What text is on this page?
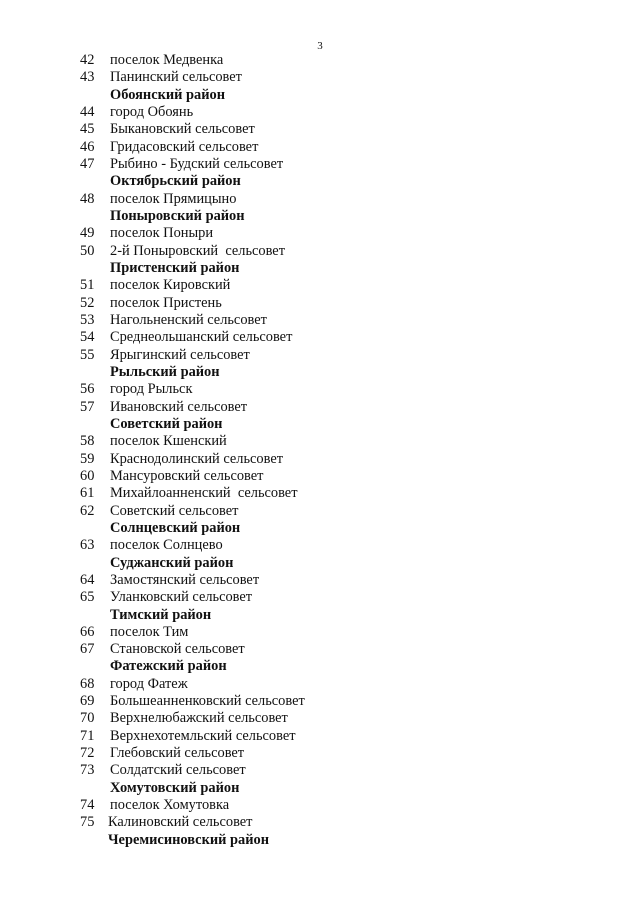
3
42	поселок Медвенка
43	Панинский сельсовет
Обоянский район
44	город Обоянь
45	Быкановский сельсовет
46	Гридасовский сельсовет
47	Рыбино - Будский сельсовет
Октябрьский район
48	поселок Прямицыно
Поныровский район
49	поселок Поныри
50	2-й Поныровский  сельсовет
Пристенский район
51	поселок Кировский
52	поселок Пристень
53	Нагольненский сельсовет
54	Среднеольшанский сельсовет
55	Ярыгинский сельсовет
Рыльский район
56	город Рыльск
57	Ивановский сельсовет
Советский район
58	поселок Кшенский
59	Краснодолинский сельсовет
60	Мансуровский сельсовет
61	Михайлоанненский  сельсовет
62	Советский сельсовет
Солнцевский район
63	поселок Солнцево
Суджанский район
64	Замостянский сельсовет
65	Уланковский сельсовет
Тимский район
66	поселок Тим
67	Становской сельсовет
Фатежский район
68	город Фатеж
69	Большеанненковский сельсовет
70	Верхнелюбажский сельсовет
71	Верхнехотемльский сельсовет
72	Глебовский сельсовет
73	Солдатский сельсовет
Хомутовский район
74	поселок Хомутовка
75 Калиновский сельсовет
Черемисиновский район
